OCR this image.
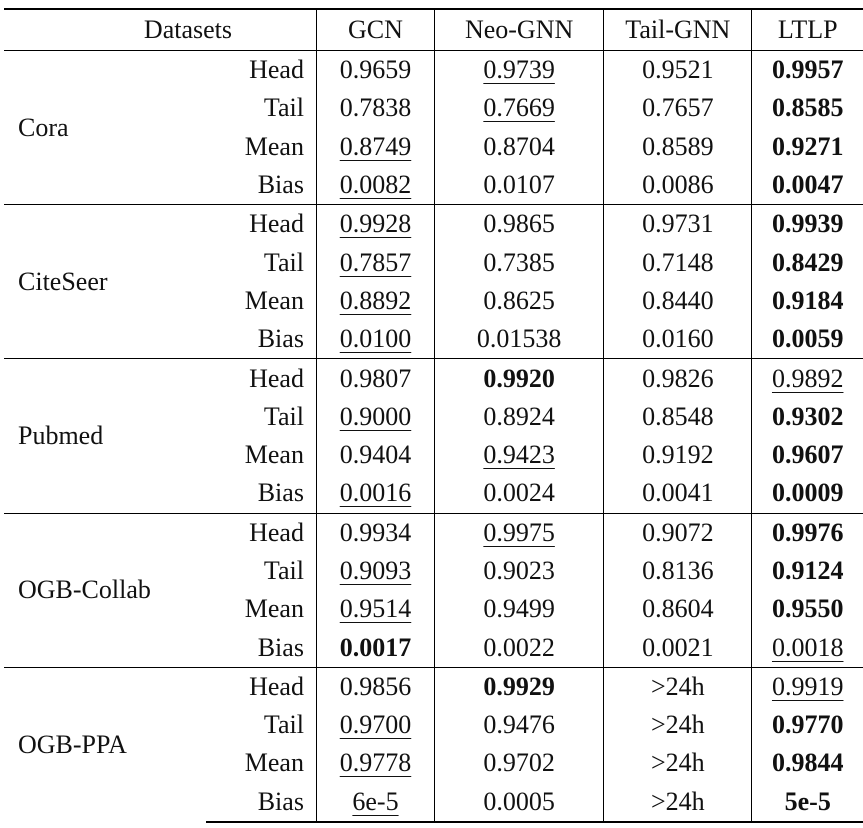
Datasets		GCN	Neo-GNN	Tail-GNN	LTLP
Cora	Head	0.9659	0.9739	0.9521	0.9957
	Tail	0.7838	0.7669	0.7657	0.8585
	Mean	0.8749	0.8704	0.8589	0.9271
	Bias	0.0082	0.0107	0.0086	0.0047
CiteSeer	Head	0.9928	0.9865	0.9731	0.9939
	Tail	0.7857	0.7385	0.7148	0.8429
	Mean	0.8892	0.8625	0.8440	0.9184
	Bias	0.0100	0.01538	0.0160	0.0059
Pubmed	Head	0.9807	0.9920	0.9826	0.9892
	Tail	0.9000	0.8924	0.8548	0.9302
	Mean	0.9404	0.9423	0.9192	0.9607
	Bias	0.0016	0.0024	0.0041	0.0009
OGB-Collab	Head	0.9934	0.9975	0.9072	0.9976
	Tail	0.9093	0.9023	0.8136	0.9124
	Mean	0.9514	0.9499	0.8604	0.9550
	Bias	0.0017	0.0022	0.0021	0.0018
OGB-PPA	Head	0.9856	0.9929	>24h	0.9919
	Tail	0.9700	0.9476	>24h	0.9770
	Mean	0.9778	0.9702	>24h	0.9844
	Bias	6e-5	0.0005	>24h	5e-5
